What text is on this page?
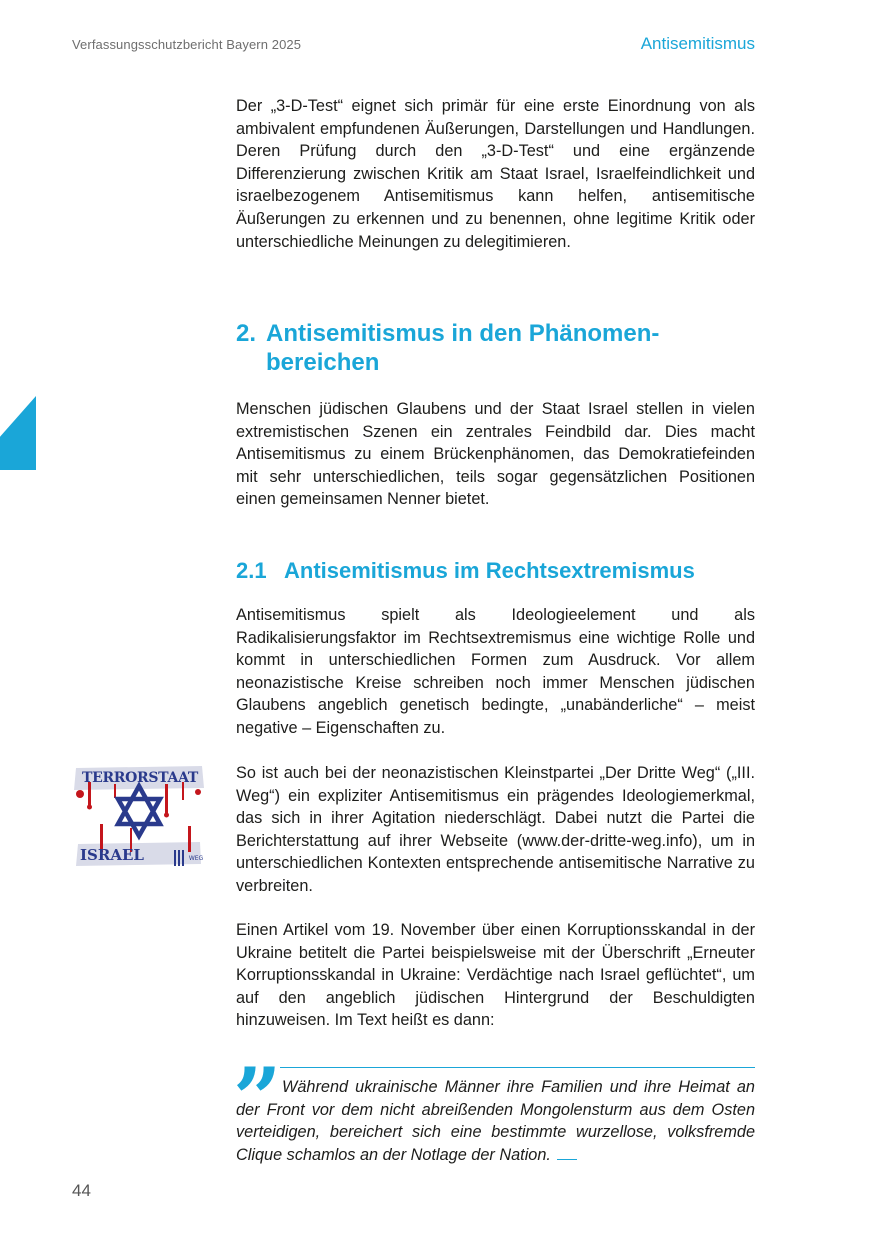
Verfassungsschutzbericht Bayern 2025	Antisemitismus

Der „3-D-Test“ eignet sich primär für eine erste Einordnung von als ambivalent empfundenen Äußerungen, Darstellungen und Handlungen. Deren Prüfung durch den „3-D-Test“ und eine ergänzende Differenzierung zwischen Kritik am Staat Israel, Israelfeindlichkeit und israelbezogenem Antisemitismus kann helfen, antisemitische Äußerungen zu erkennen und zu benennen, ohne legitime Kritik oder unterschiedliche Meinungen zu delegitimieren.

2. Antisemitismus in den Phänomen-
bereichen

Menschen jüdischen Glaubens und der Staat Israel stellen in vielen extremistischen Szenen ein zentrales Feindbild dar. Dies macht Antisemitismus zu einem Brückenphänomen, das Demokratiefeinden mit sehr unterschiedlichen, teils sogar gegensätzlichen Positionen einen gemeinsamen Nenner bietet.

2.1 Antisemitismus im Rechtsextremismus

Antisemitismus spielt als Ideologieelement und als Radikalisierungsfaktor im Rechtsextremismus eine wichtige Rolle und kommt in unterschiedlichen Formen zum Ausdruck. Vor allem neonazistische Kreise schreiben noch immer Menschen jüdischen Glaubens angeblich genetisch bedingte, „unabänderliche“ – meist negative – Eigenschaften zu.

So ist auch bei der neonazistischen Kleinstpartei „Der Dritte Weg“ („III. Weg“) ein expliziter Antisemitismus ein prägendes Ideologiemerkmal, das sich in ihrer Agitation niederschlägt. Dabei nutzt die Partei die Berichterstattung auf ihrer Webseite (www.der-dritte-weg.info), um in unterschiedlichen Kontexten entsprechende antisemitische Narrative zu verbreiten.

Einen Artikel vom 19. November über einen Korruptionsskandal in der Ukraine betitelt die Partei beispielsweise mit der Überschrift „Erneuter Korruptionsskandal in Ukraine: Verdächtige nach Israel geflüchtet“, um auf den angeblich jüdischen Hintergrund der Beschuldigten hinzuweisen. Im Text heißt es dann:

TERRORSTAAT
ISRAEL	WEG
” Während ukrainische Männer ihre Familien und ihre Heimat an der Front vor dem nicht abreißenden Mongolensturm aus dem Osten verteidigen, bereichert sich eine bestimmte wurzellose, volksfremde Clique schamlos an der Notlage der Nation.

44
